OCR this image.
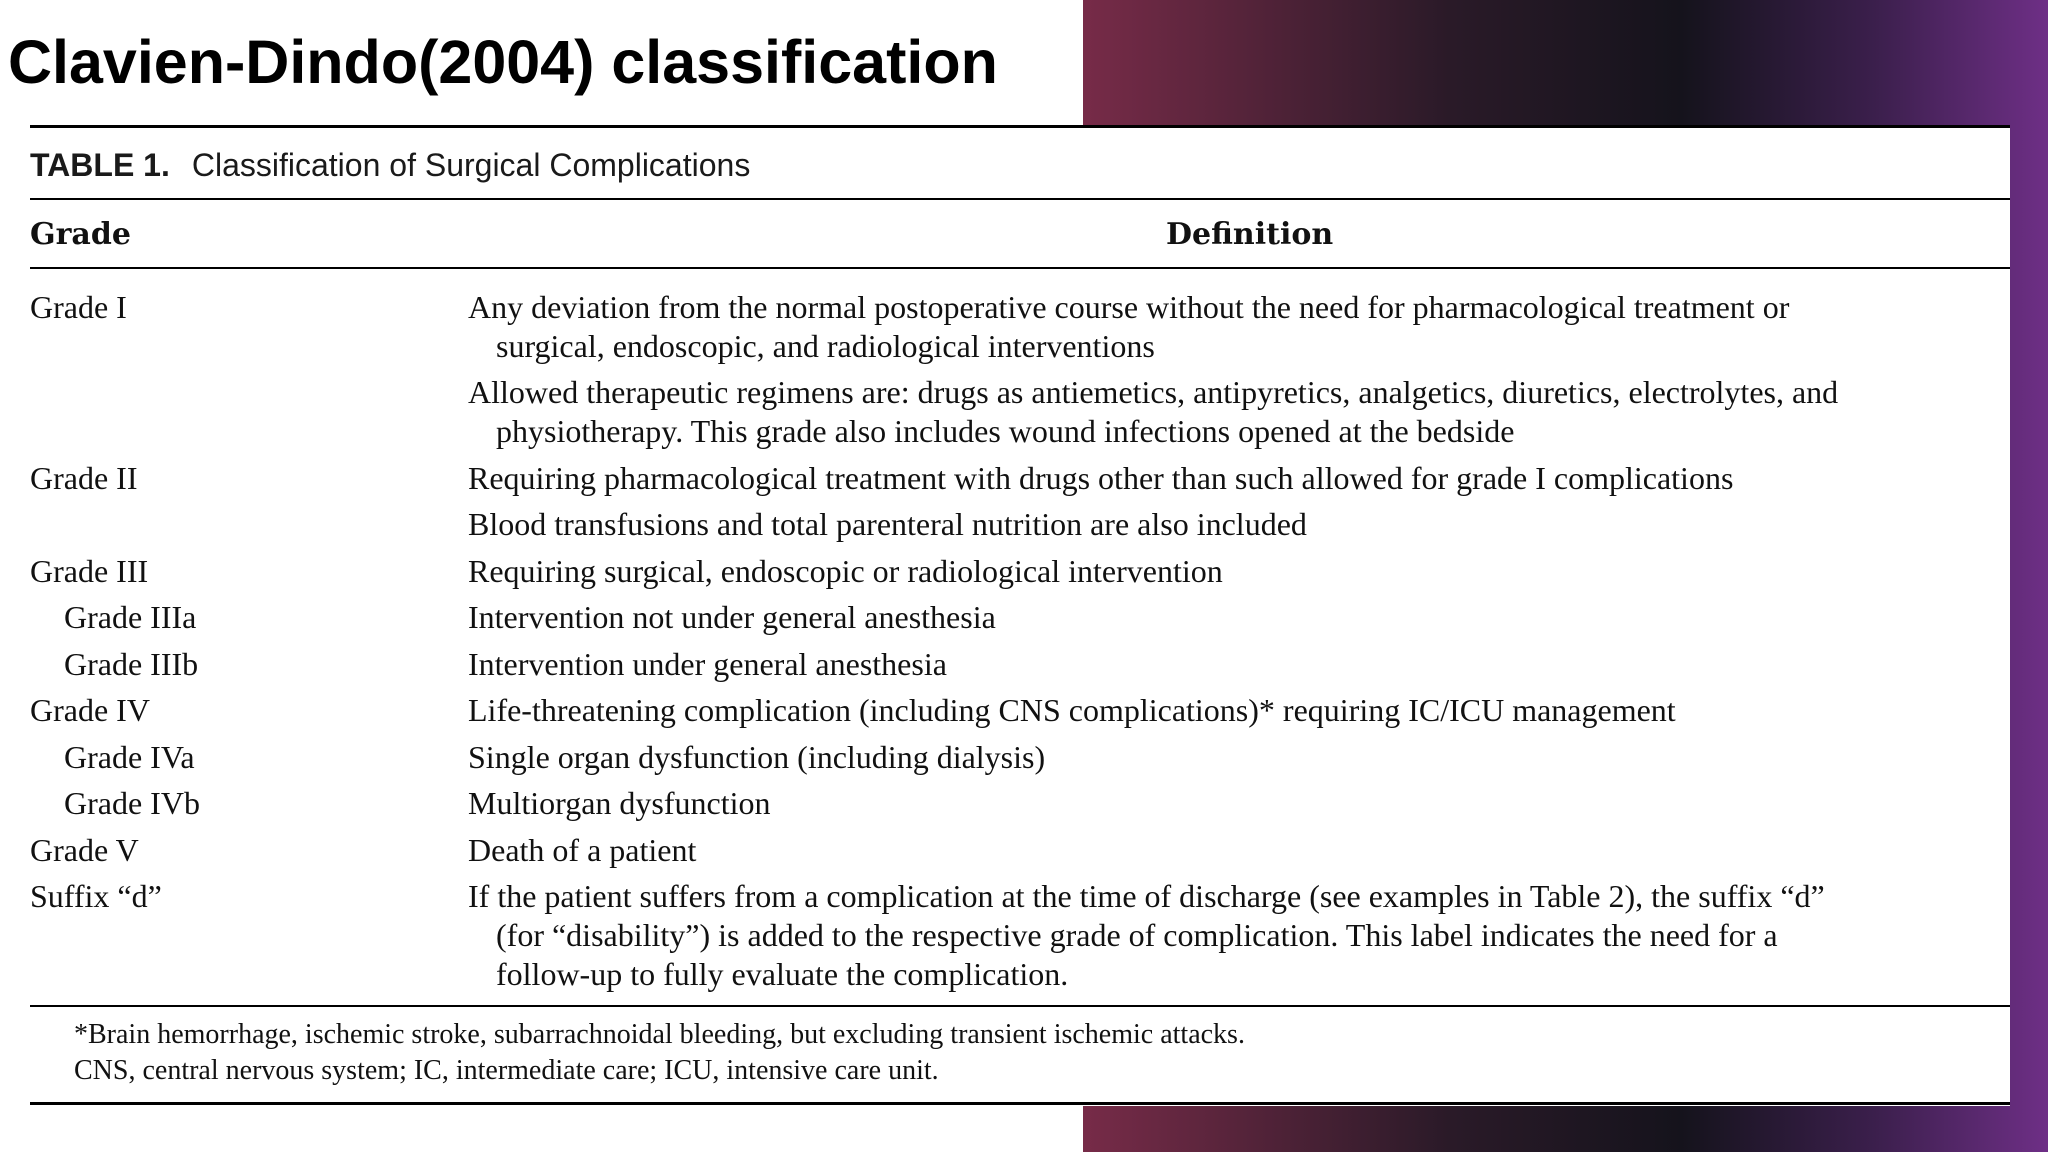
Clavien-Dindo(2004) classification
TABLE 1. Classification of Surgical Complications
Grade	Definition
Grade I	Any deviation from the normal postoperative course without the need for pharmacological treatment or
surgical, endoscopic, and radiological interventions
Allowed therapeutic regimens are: drugs as antiemetics, antipyretics, analgetics, diuretics, electrolytes, and
physiotherapy. This grade also includes wound infections opened at the bedside
Grade II	Requiring pharmacological treatment with drugs other than such allowed for grade I complications
Blood transfusions and total parenteral nutrition are also included
Grade III	Requiring surgical, endoscopic or radiological intervention
Grade IIIa	Intervention not under general anesthesia
Grade IIIb	Intervention under general anesthesia
Grade IV	Life-threatening complication (including CNS complications)* requiring IC/ICU management
Grade IVa	Single organ dysfunction (including dialysis)
Grade IVb	Multiorgan dysfunction
Grade V	Death of a patient
Suffix “d”	If the patient suffers from a complication at the time of discharge (see examples in Table 2), the suffix “d”
(for “disability”) is added to the respective grade of complication. This label indicates the need for a
follow-up to fully evaluate the complication.
*Brain hemorrhage, ischemic stroke, subarrachnoidal bleeding, but excluding transient ischemic attacks.
CNS, central nervous system; IC, intermediate care; ICU, intensive care unit.
